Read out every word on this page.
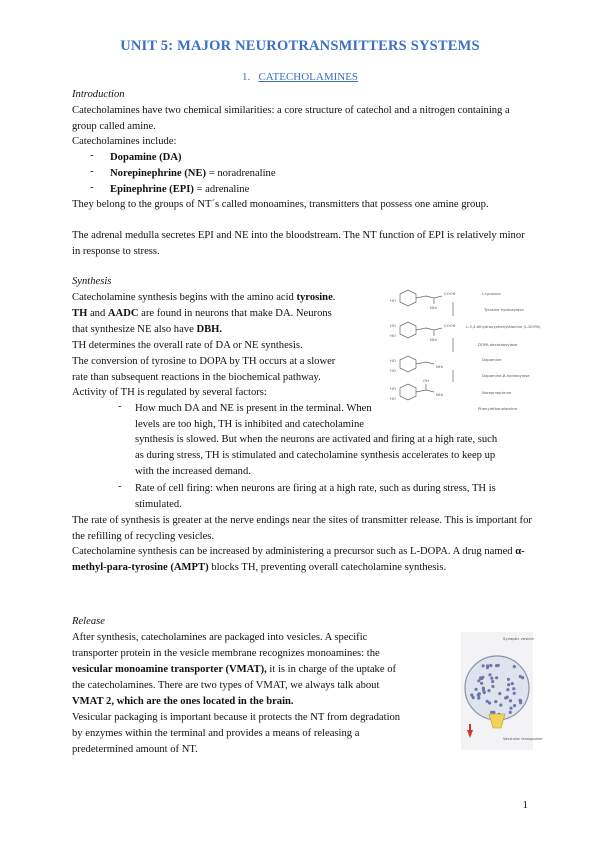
UNIT 5: MAJOR NEUROTRANSMITTERS SYSTEMS
1. CATECHOLAMINES
Introduction
Catecholamines have two chemical similarities: a core structure of catechol and a nitrogen containing a group called amine.
Catecholamines include:
- Dopamine (DA)
- Norepinephrine (NE) = noradrenaline
- Epinephrine (EPI) = adrenaline
They belong to the groups of NT´s called monoamines, transmitters that possess one amine group.
The adrenal medulla secretes EPI and NE into the bloodstream. The NT function of EPI is relatively minor in response to stress.
Synthesis
Catecholamine synthesis begins with the amino acid tyrosine.
TH and AADC are found in neurons that make DA. Neurons
that synthesize NE also have DBH.
TH determines the overall rate of DA or NE synthesis.
The conversion of tyrosine to DOPA by TH occurs at a slower
rate than subsequent reactions in the biochemical pathway.
Activity of TH is regulated by several factors:
- How much DA and NE is present in the terminal. When
levels are too high, TH is inhibited and catecholamine
synthesis is slowed. But when the neurons are activated and firing at a high rate, such
as during stress, TH is stimulated and catecholamine synthesis accelerates to keep up
with the increased demand.
- Rate of cell firing: when neurons are firing at a high rate, such as during stress, TH is
stimulated.
The rate of synthesis is greater at the nerve endings near the sites of transmitter release. This is important for the refilling of recycling vesicles.
Catecholamine synthesis can be increased by administering a precursor such as L-DOPA. A drug named α-methyl-para-tyrosine (AMPT) blocks TH, preventing overall catecholamine synthesis.
COOH
NH₂
HO
COOH
NH₂
HO
HO
NH₂
HO
HO
OH
NH₂
HO
HO
L-tyrosine
Tyrosine hydroxylase
L-3,4-dihydroxyphenylalanine (L-DOPA)
DOPA decarboxylase
Dopamine
Dopamine-β-hydroxylase
Norepinephrine
Phenylethanolamine
Release
After synthesis, catecholamines are packaged into vesicles. A specific
transporter protein in the vesicle membrane recognizes monoamines: the
vesicular monoamine transporter (VMAT), it is in charge of the uptake of
the catecholamines. There are two types of VMAT, we always talk about
VMAT 2, which are the ones located in the brain.
Vesicular packaging is important because it protects the NT from degradation
by enzymes within the terminal and provides a means of releasing a
predetermined amount of NT.
Synaptic vesicle
Vesicular transporter
1
